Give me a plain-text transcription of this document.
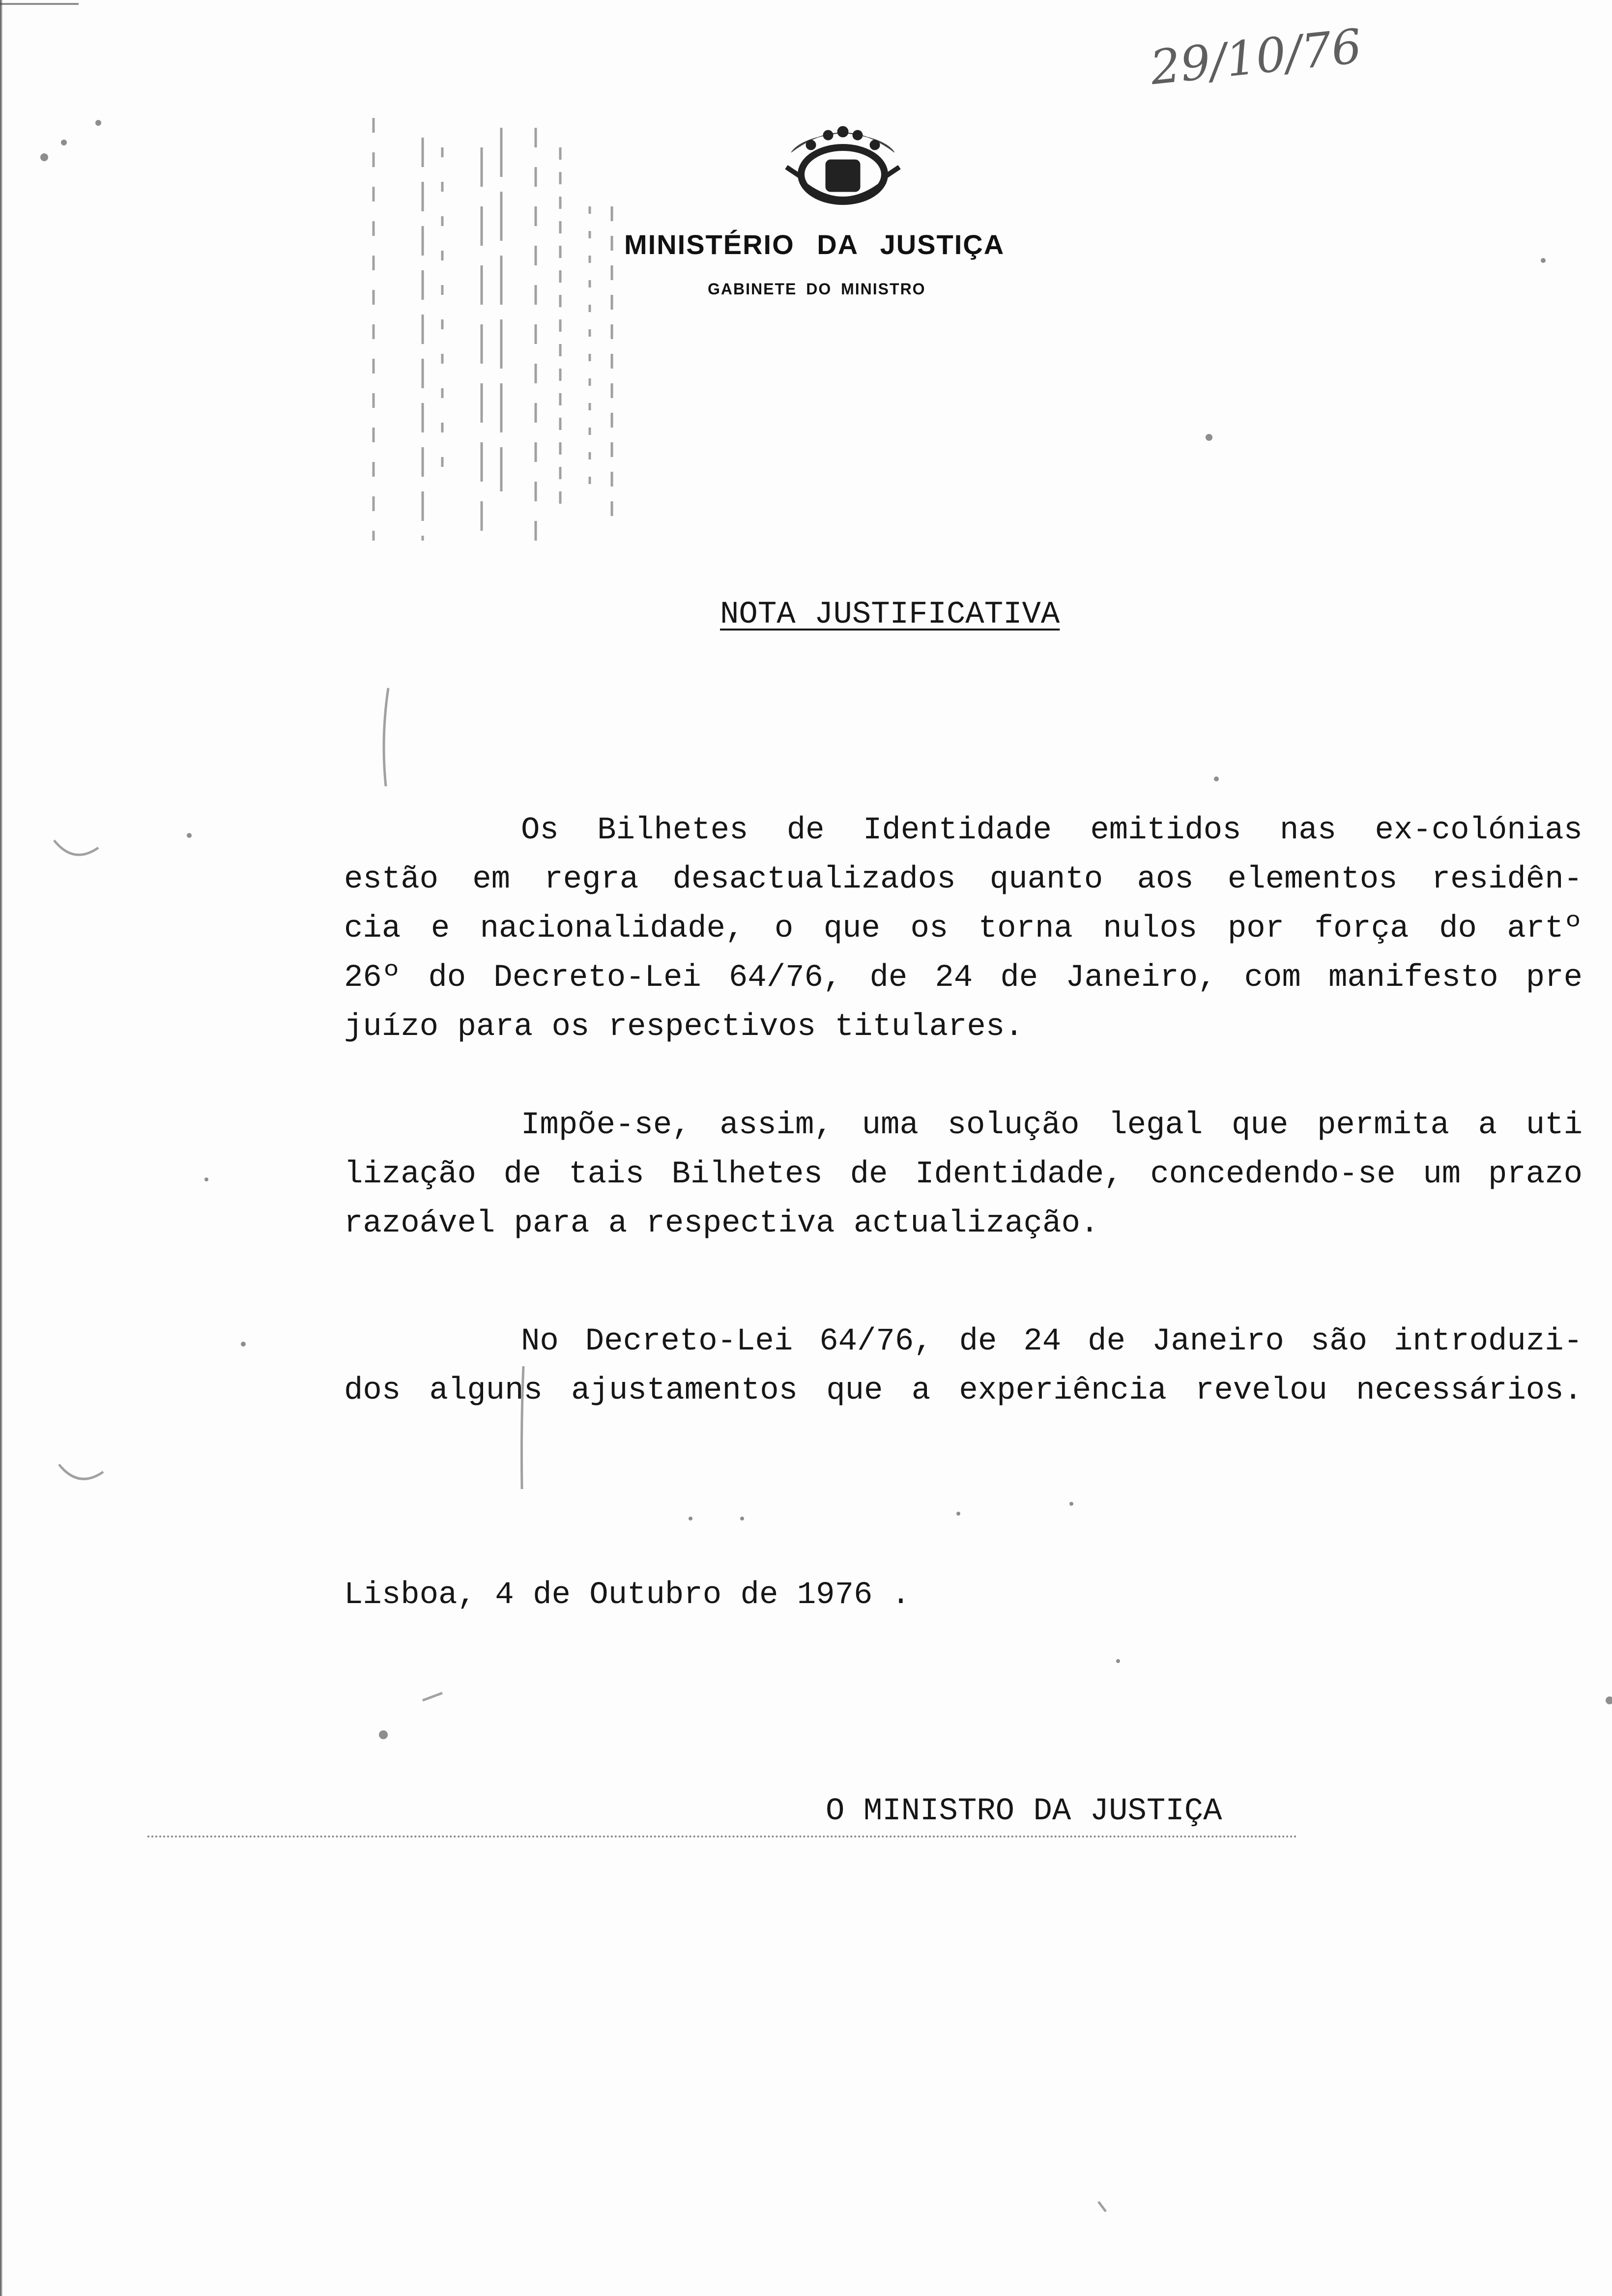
29/10/76
MINISTÉRIO DA JUSTIÇA
GABINETE DO MINISTRO
NOTA JUSTIFICATIVA
Os Bilhetes de Identidade emitidos nas ex-colónias
estão em regra desactualizados quanto aos elementos residên-
cia e nacionalidade, o que os torna nulos por força do artº
26º do Decreto-Lei 64/76, de 24 de Janeiro, com manifesto pre
juízo para os respectivos titulares.
Impõe-se, assim, uma solução legal que permita a uti
lização de tais Bilhetes de Identidade, concedendo-se um prazo
razoável para a respectiva actualização.
No Decreto-Lei 64/76, de 24 de Janeiro são introduzi-
dos alguns ajustamentos que a experiência revelou necessários.
Lisboa, 4 de Outubro de 1976 .
O MINISTRO DA JUSTIÇA
